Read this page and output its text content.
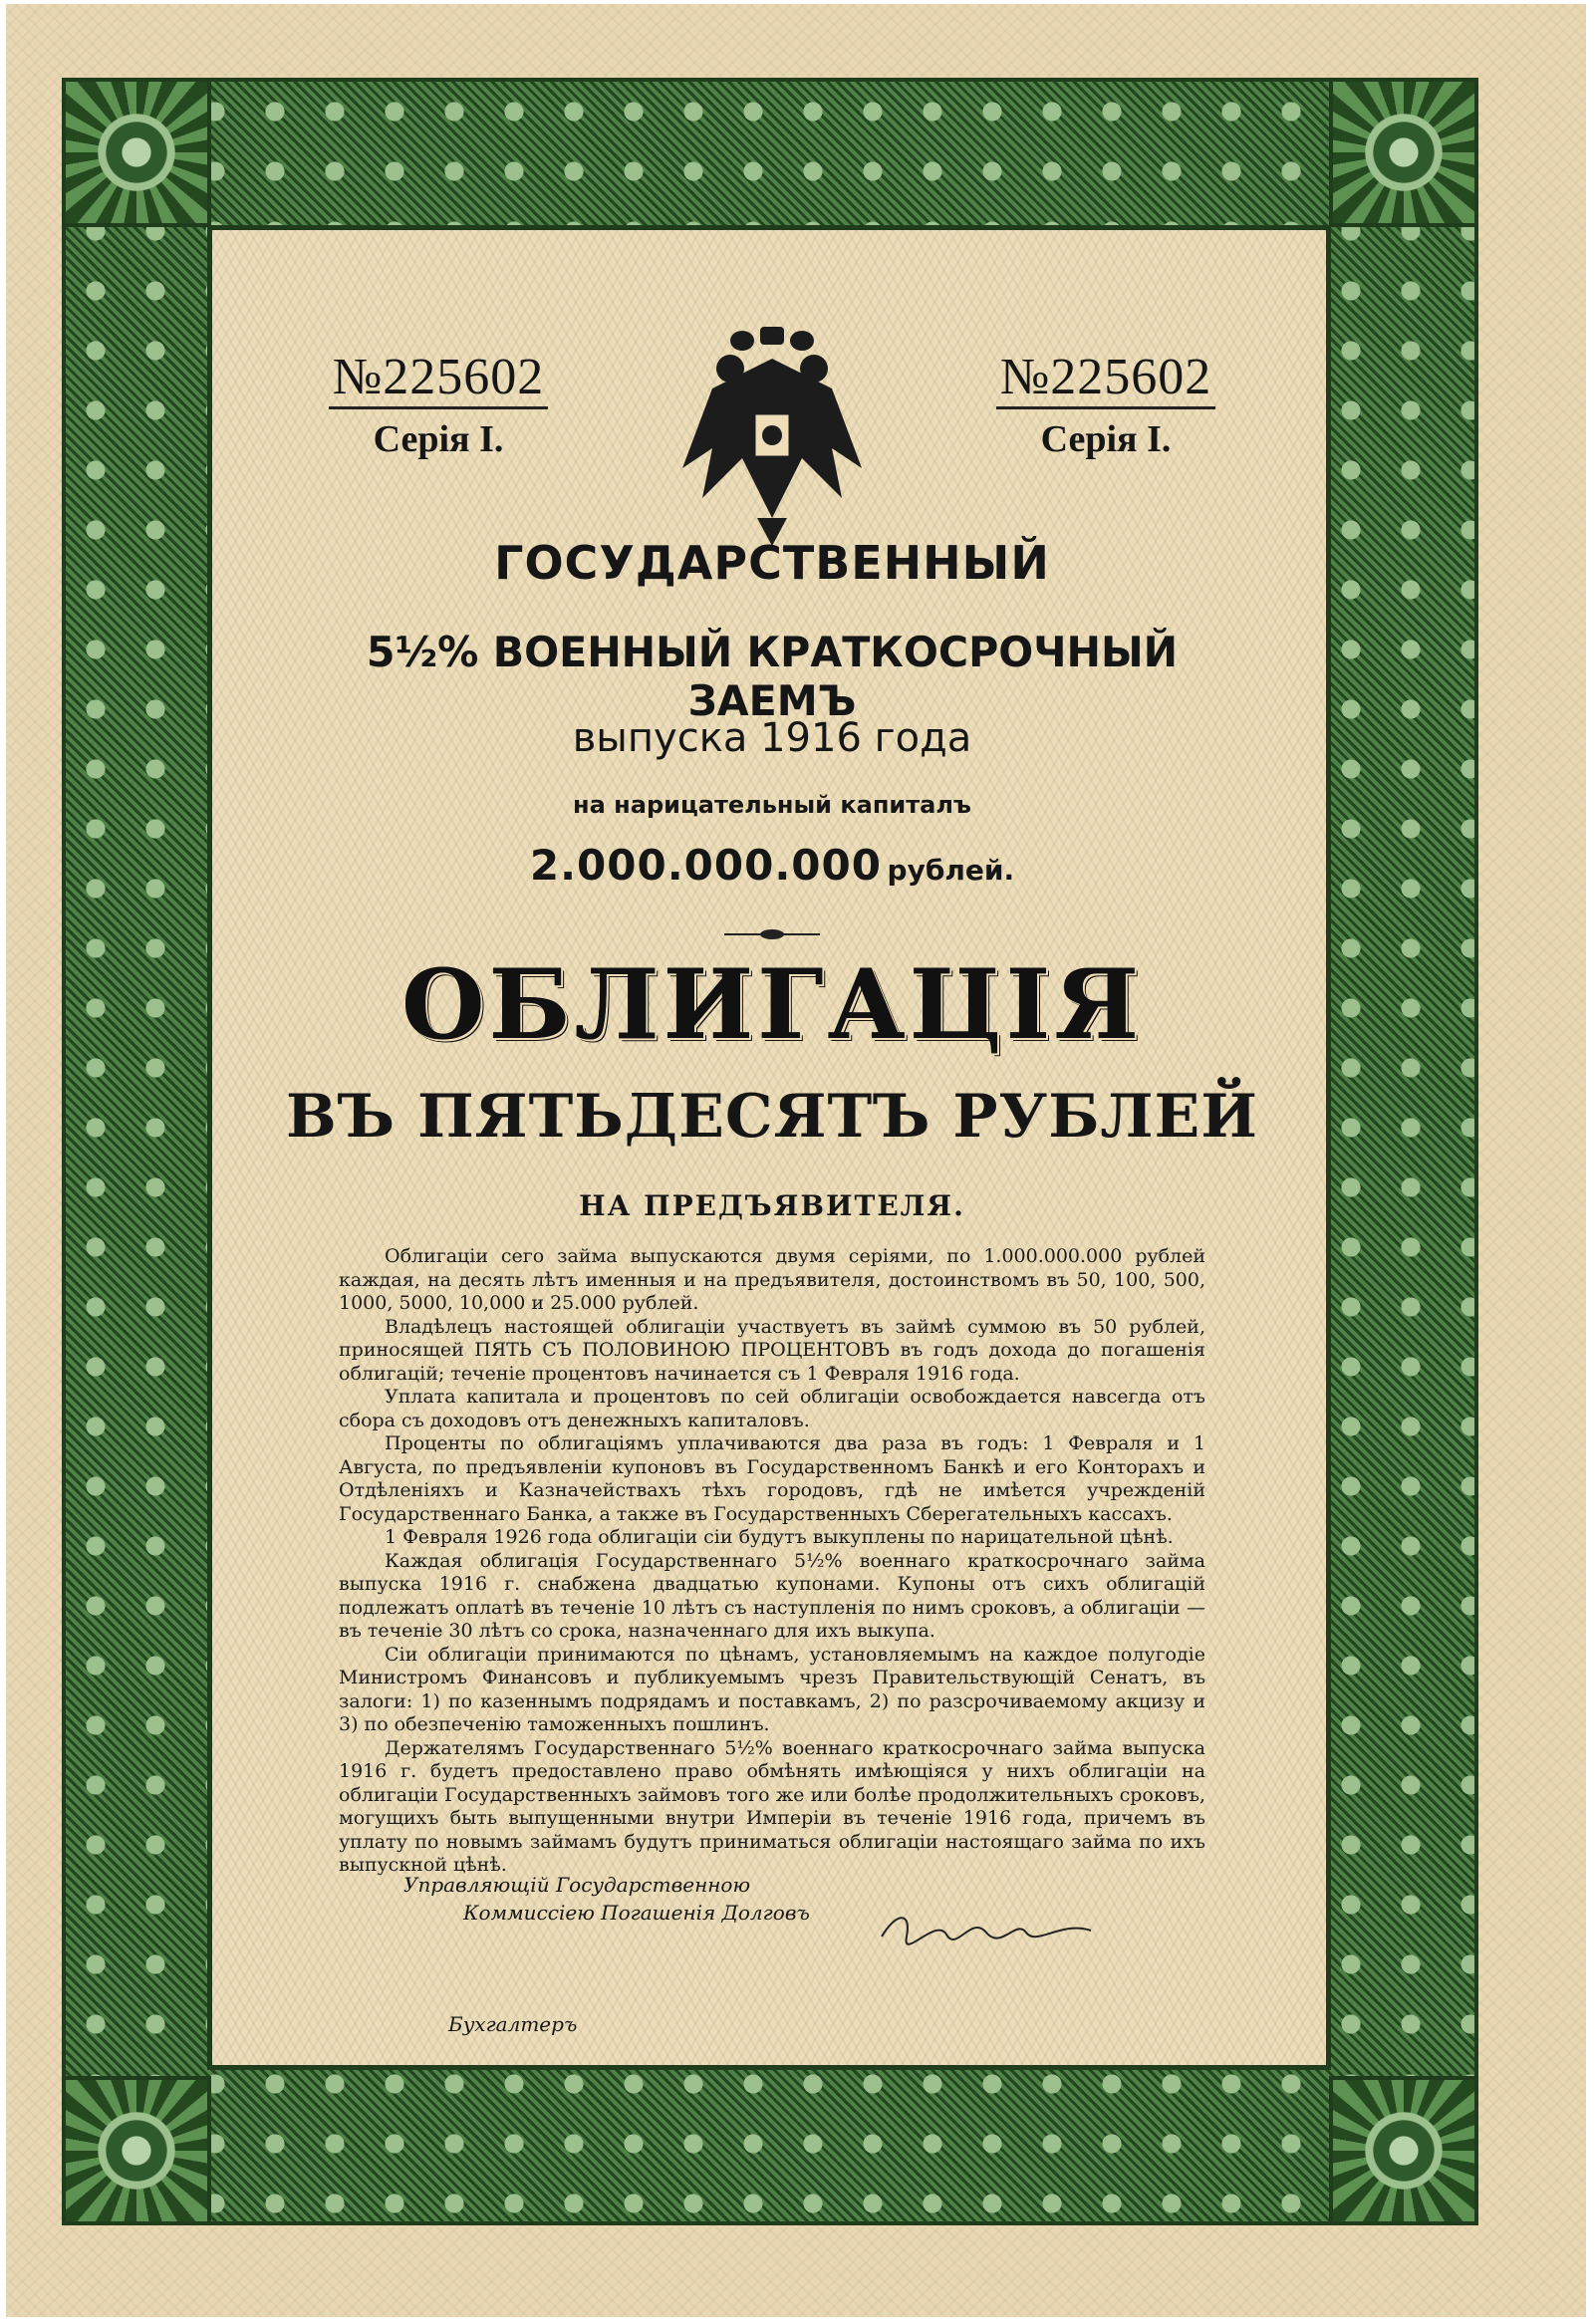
№225602
Серія I.
№225602
Серія I.
ГОСУДАРСТВЕННЫЙ
5½% ВОЕННЫЙ КРАТКОСРОЧНЫЙ ЗАЕМЪ
выпуска 1916 года
на нарицательный капиталъ
2.000.000.000 рублей.
ОБЛИГАЦІЯ
ВЪ ПЯТЬДЕСЯТЪ РУБЛЕЙ
НА ПРЕДЪЯВИТЕЛЯ.

Облигаціи сего займа выпускаются двумя серіями, по 1.000.000.000 рублей каждая, на десять лѣтъ именныя и на предъявителя, достоинствомъ въ 50, 100, 500, 1000, 5000, 10,000 и 25.000 рублей.

Владѣлецъ настоящей облигаціи участвуетъ въ займѣ суммою въ 50 рублей, приносящей ПЯТЬ СЪ ПОЛОВИНОЮ ПРОЦЕНТОВЪ въ годъ дохода до погашенія облигацій; теченіе процентовъ начинается съ 1 Февраля 1916 года.

Уплата капитала и процентовъ по сей облигаціи освобождается навсегда отъ сбора съ доходовъ отъ денежныхъ капиталовъ.

Проценты по облигаціямъ уплачиваются два раза въ годъ: 1 Февраля и 1 Августа, по предъявленіи купоновъ въ Государственномъ Банкѣ и его Конторахъ и Отдѣленіяхъ и Казначействахъ тѣхъ городовъ, гдѣ не имѣется учрежденій Государственнаго Банка, а также въ Государственныхъ Сберегательныхъ кассахъ.

1 Февраля 1926 года облигаціи сіи будутъ выкуплены по нарицательной цѣнѣ.

Каждая облигація Государственнаго 5½% военнаго краткосрочнаго займа выпуска 1916 г. снабжена двадцатью купонами. Купоны отъ сихъ облигацій подлежатъ оплатѣ въ теченіе 10 лѣтъ съ наступленія по нимъ сроковъ, а облигаціи — въ теченіе 30 лѣтъ со срока, назначеннаго для ихъ выкупа.

Сіи облигаціи принимаются по цѣнамъ, установляемымъ на каждое полугодіе Министромъ Финансовъ и публикуемымъ чрезъ Правительствующій Сенатъ, въ залоги: 1) по казеннымъ подрядамъ и поставкамъ, 2) по разсрочиваемому акцизу и 3) по обезпеченію таможенныхъ пошлинъ.

Держателямъ Государственнаго 5½% военнаго краткосрочнаго займа выпуска 1916 г. будетъ предоставлено право обмѣнять имѣющіяся у нихъ облигаціи на облигаціи Государственныхъ займовъ того же или болѣе продолжительныхъ сроковъ, могущихъ быть выпущенными внутри Имперіи въ теченіе 1916 года, причемъ въ уплату по новымъ займамъ будутъ приниматься облигаціи настоящаго займа по ихъ выпускной цѣнѣ.

Управляющій Государственною
Коммиссіею Погашенія Долговъ
Бухгалтеръ
